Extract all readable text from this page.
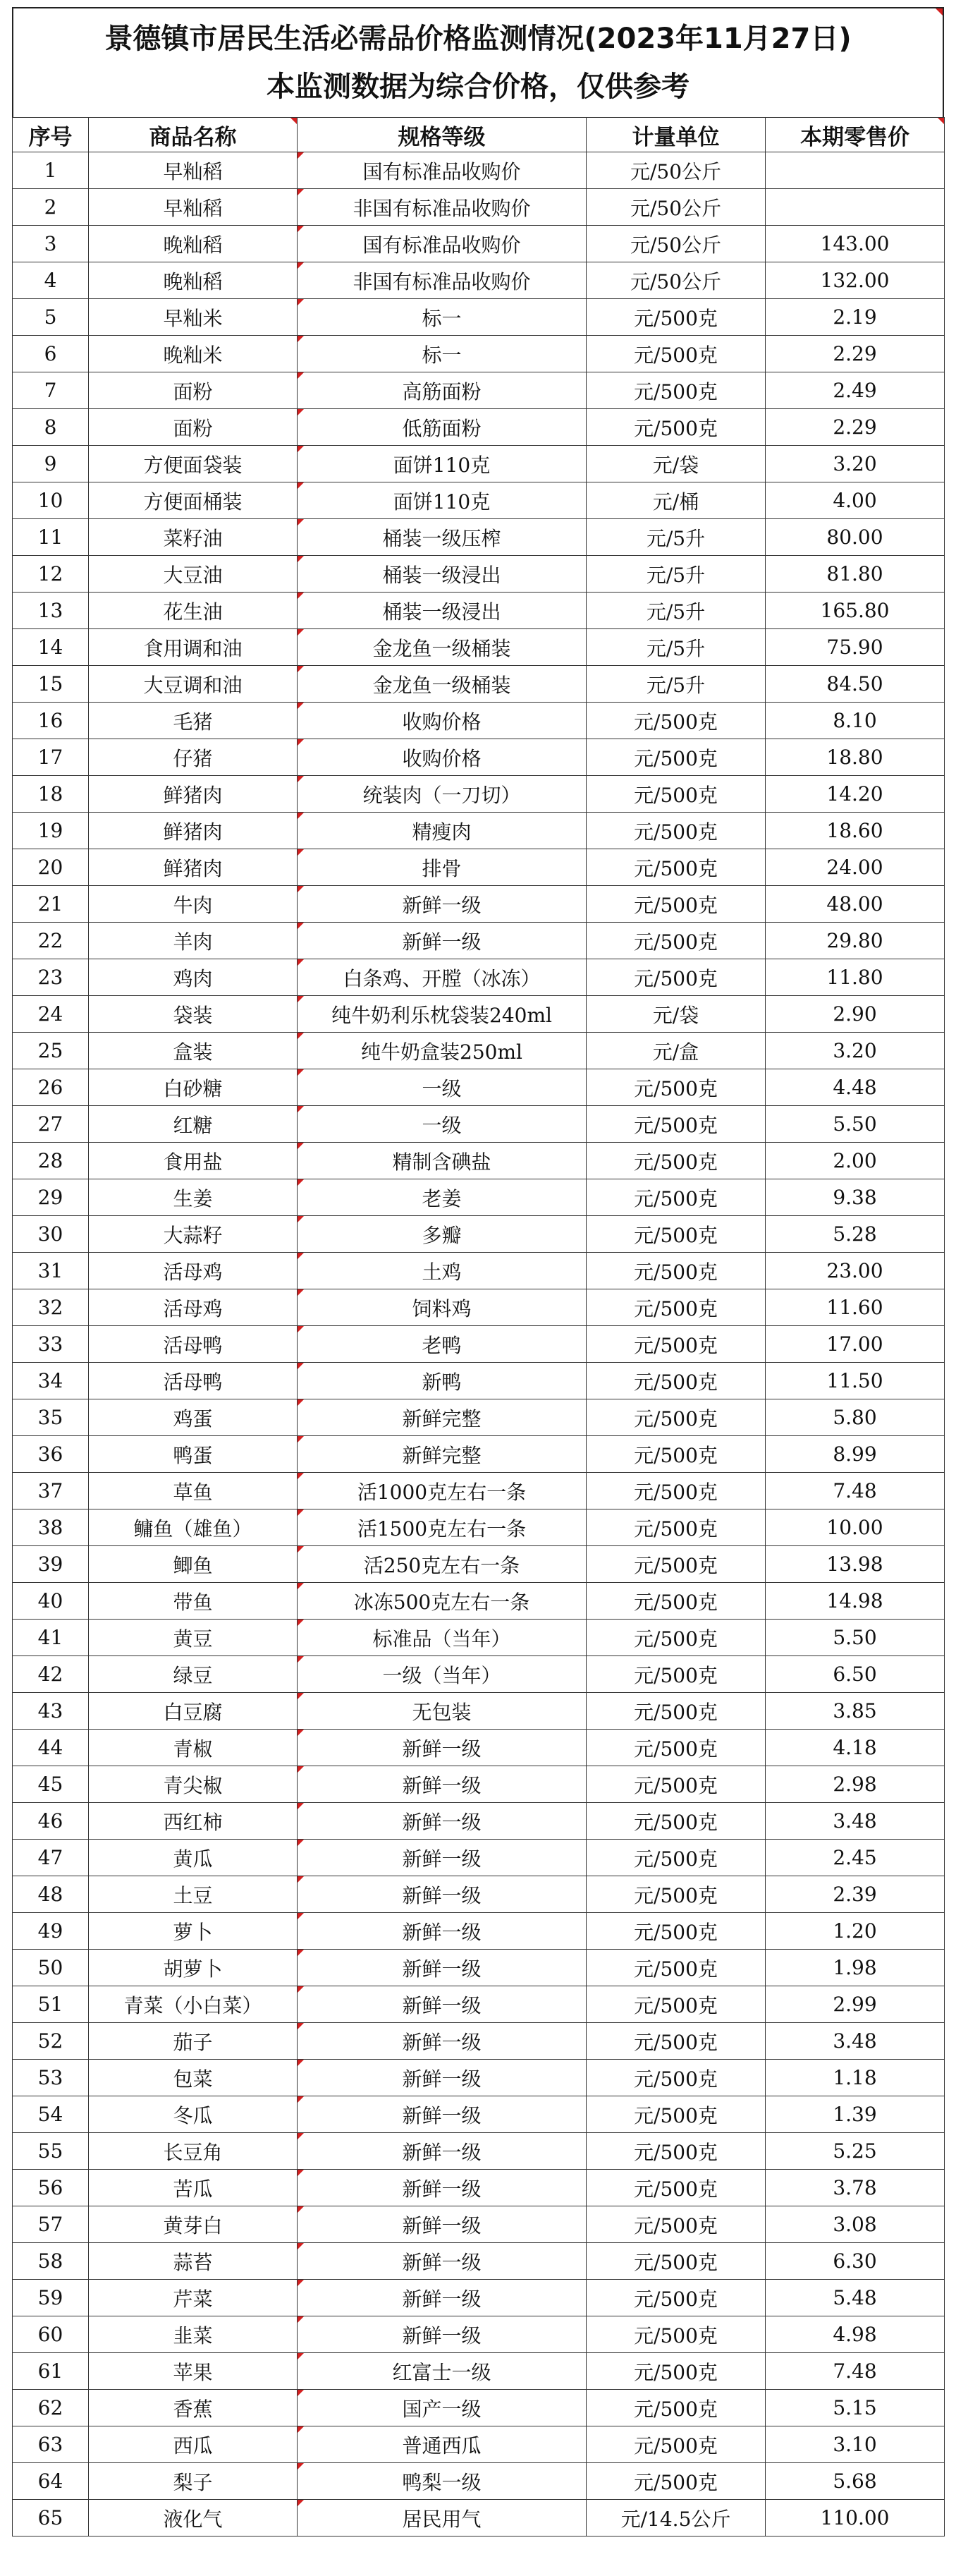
景德镇市居民生活必需品价格监测情况(2023年11月27日)
本监测数据为综合价格，仅供参考
序号	商品名称	规格等级	计量单位	本期零售价
1	早籼稻	国有标准品收购价	元/50公斤	
2	早籼稻	非国有标准品收购价	元/50公斤	
3	晚籼稻	国有标准品收购价	元/50公斤	143.00
4	晚籼稻	非国有标准品收购价	元/50公斤	132.00
5	早籼米	标一	元/500克	2.19
6	晚籼米	标一	元/500克	2.29
7	面粉	高筋面粉	元/500克	2.49
8	面粉	低筋面粉	元/500克	2.29
9	方便面袋装	面饼110克	元/袋	3.20
10	方便面桶装	面饼110克	元/桶	4.00
11	菜籽油	桶装一级压榨	元/5升	80.00
12	大豆油	桶装一级浸出	元/5升	81.80
13	花生油	桶装一级浸出	元/5升	165.80
14	食用调和油	金龙鱼一级桶装	元/5升	75.90
15	大豆调和油	金龙鱼一级桶装	元/5升	84.50
16	毛猪	收购价格	元/500克	8.10
17	仔猪	收购价格	元/500克	18.80
18	鲜猪肉	统装肉（一刀切）	元/500克	14.20
19	鲜猪肉	精瘦肉	元/500克	18.60
20	鲜猪肉	排骨	元/500克	24.00
21	牛肉	新鲜一级	元/500克	48.00
22	羊肉	新鲜一级	元/500克	29.80
23	鸡肉	白条鸡、开膛（冰冻）	元/500克	11.80
24	袋装	纯牛奶利乐枕袋装240ml	元/袋	2.90
25	盒装	纯牛奶盒装250ml	元/盒	3.20
26	白砂糖	一级	元/500克	4.48
27	红糖	一级	元/500克	5.50
28	食用盐	精制含碘盐	元/500克	2.00
29	生姜	老姜	元/500克	9.38
30	大蒜籽	多瓣	元/500克	5.28
31	活母鸡	土鸡	元/500克	23.00
32	活母鸡	饲料鸡	元/500克	11.60
33	活母鸭	老鸭	元/500克	17.00
34	活母鸭	新鸭	元/500克	11.50
35	鸡蛋	新鲜完整	元/500克	5.80
36	鸭蛋	新鲜完整	元/500克	8.99
37	草鱼	活1000克左右一条	元/500克	7.48
38	鳙鱼（雄鱼）	活1500克左右一条	元/500克	10.00
39	鲫鱼	活250克左右一条	元/500克	13.98
40	带鱼	冰冻500克左右一条	元/500克	14.98
41	黄豆	标准品（当年）	元/500克	5.50
42	绿豆	一级（当年）	元/500克	6.50
43	白豆腐	无包装	元/500克	3.85
44	青椒	新鲜一级	元/500克	4.18
45	青尖椒	新鲜一级	元/500克	2.98
46	西红柿	新鲜一级	元/500克	3.48
47	黄瓜	新鲜一级	元/500克	2.45
48	土豆	新鲜一级	元/500克	2.39
49	萝卜	新鲜一级	元/500克	1.20
50	胡萝卜	新鲜一级	元/500克	1.98
51	青菜（小白菜）	新鲜一级	元/500克	2.99
52	茄子	新鲜一级	元/500克	3.48
53	包菜	新鲜一级	元/500克	1.18
54	冬瓜	新鲜一级	元/500克	1.39
55	长豆角	新鲜一级	元/500克	5.25
56	苦瓜	新鲜一级	元/500克	3.78
57	黄芽白	新鲜一级	元/500克	3.08
58	蒜苔	新鲜一级	元/500克	6.30
59	芹菜	新鲜一级	元/500克	5.48
60	韭菜	新鲜一级	元/500克	4.98
61	苹果	红富士一级	元/500克	7.48
62	香蕉	国产一级	元/500克	5.15
63	西瓜	普通西瓜	元/500克	3.10
64	梨子	鸭梨一级	元/500克	5.68
65	液化气	居民用气	元/14.5公斤	110.00
